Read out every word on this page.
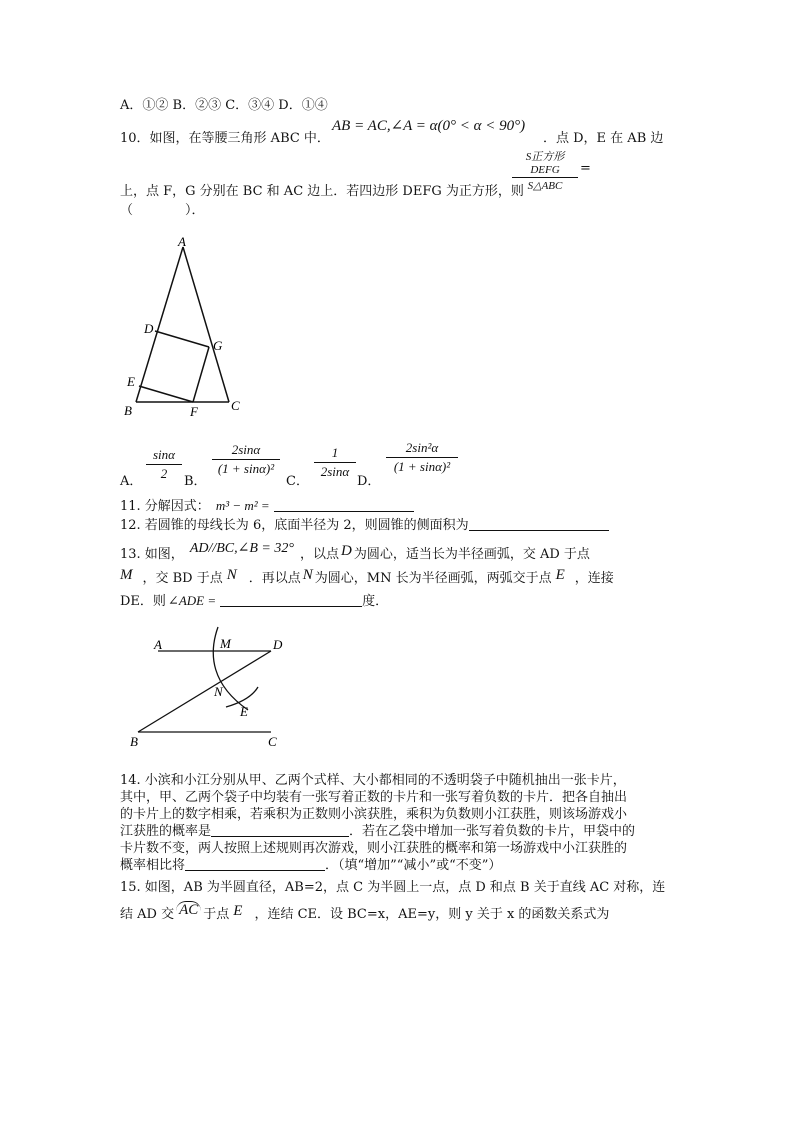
A．①② B．②③ C．③④ D．①④
10．如图，在等腰三角形 ABC 中．
AB = AC,∠A = α(0° < α < 90°)
．点 D，E 在 AB 边
S正方形DEFG
S△ABC
=
上，点 F，G 分别在 BC 和 AC 边上．若四边形 DEFG 为正方形，则
（　　　　）．
A
B	C
D
E
F
G
A．
sinα
2
B．
2sinα
(1 + sinα)²
C．
1
2sinα
D．
2sin²α
(1 + sinα)²
11. 分解因式： m³ − m² =
12. 若圆锥的母线长为 6，底面半径为 2，则圆锥的侧面积为
13. 如图， AD//BC,∠B = 32° ，以点 D 为圆心，适当长为半径画弧，交 AD 于点
M ，交 BD 于点 N ．再以点 N 为圆心，MN 长为半径画弧，两弧交于点 E ，连接
DE．则 ∠ADE =	度．
A	M	D
N
E
B	C
14. 小滨和小江分别从甲、乙两个式样、大小都相同的不透明袋子中随机抽出一张卡片，
其中，甲、乙两个袋子中均装有一张写着正数的卡片和一张写着负数的卡片．把各自抽出
的卡片上的数字相乘，若乘积为正数则小滨获胜，乘积为负数则小江获胜，则该场游戏小
江获胜的概率是	．若在乙袋中增加一张写着负数的卡片，甲袋中的
卡片数不变，两人按照上述规则再次游戏，则小江获胜的概率和第一场游戏中小江获胜的
概率相比将	．（填“增加”“减小”或“不变”）
15. 如图，AB 为半圆直径，AB=2，点 C 为半圆上一点，点 D 和点 B 关于直线 AC 对称，连
结 AD 交 AC 于点 E ，连结 CE．设 BC=x，AE=y，则 y 关于 x 的函数关系式为
